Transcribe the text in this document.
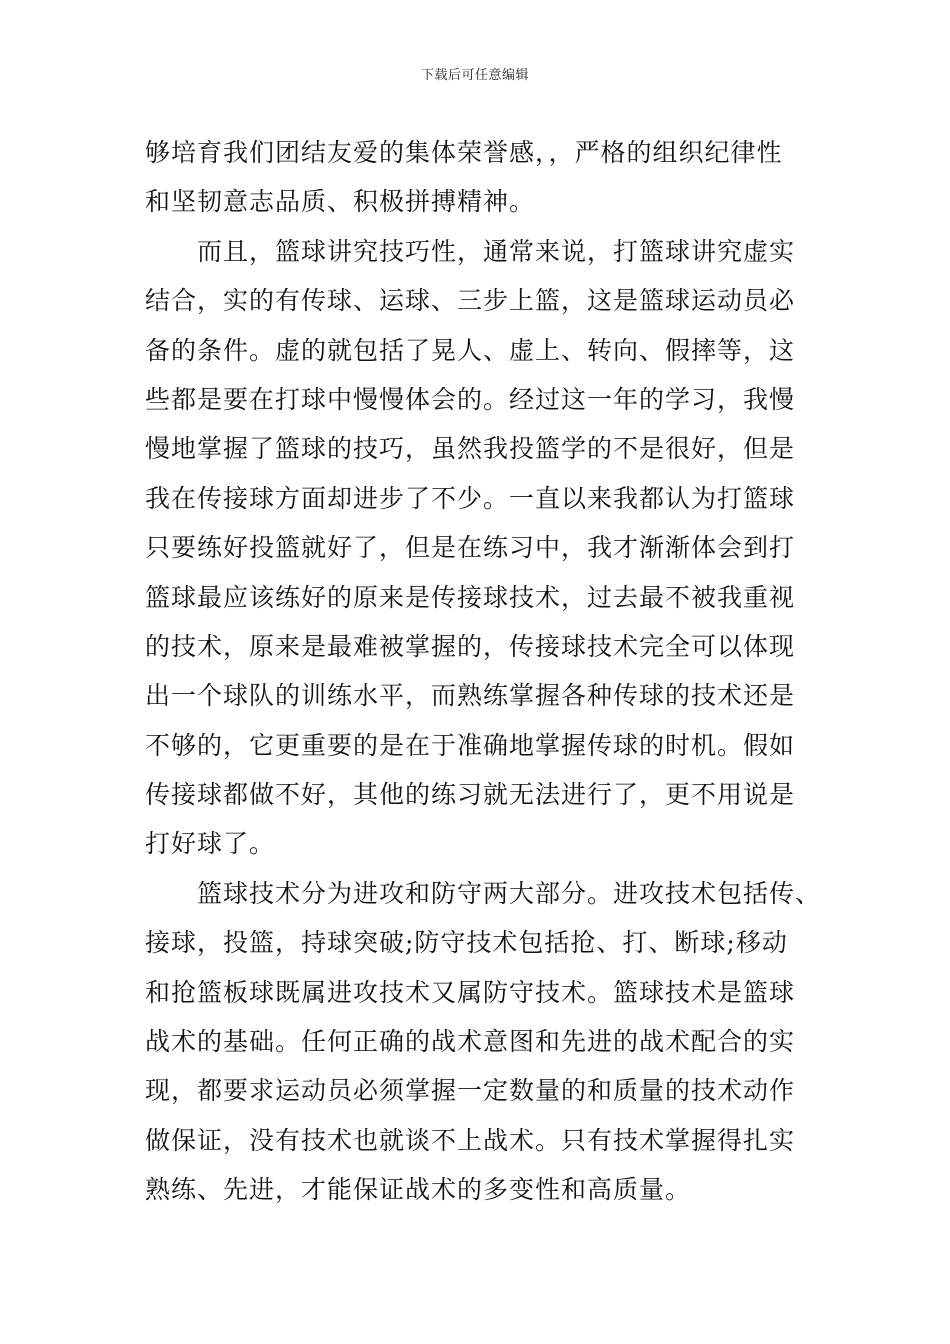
下载后可任意编辑
够培育我们团结友爱的集体荣誉感，，严格的组织纪律性
和坚韧意志品质、积极拼搏精神。
而且，篮球讲究技巧性，通常来说，打篮球讲究虚实
结合，实的有传球、运球、三步上篮，这是篮球运动员必
备的条件。虚的就包括了晃人、虚上、转向、假摔等，这
些都是要在打球中慢慢体会的。经过这一年的学习，我慢
慢地掌握了篮球的技巧，虽然我投篮学的不是很好，但是
我在传接球方面却进步了不少。一直以来我都认为打篮球
只要练好投篮就好了，但是在练习中，我才渐渐体会到打
篮球最应该练好的原来是传接球技术，过去最不被我重视
的技术，原来是最难被掌握的，传接球技术完全可以体现
出一个球队的训练水平，而熟练掌握各种传球的技术还是
不够的，它更重要的是在于准确地掌握传球的时机。假如
传接球都做不好，其他的练习就无法进行了，更不用说是
打好球了。
篮球技术分为进攻和防守两大部分。进攻技术包括传、
接球，投篮，持球突破;防守技术包括抢、打、断球;移动
和抢篮板球既属进攻技术又属防守技术。篮球技术是篮球
战术的基础。任何正确的战术意图和先进的战术配合的实
现，都要求运动员必须掌握一定数量的和质量的技术动作
做保证，没有技术也就谈不上战术。只有技术掌握得扎实
熟练、先进，才能保证战术的多变性和高质量。
